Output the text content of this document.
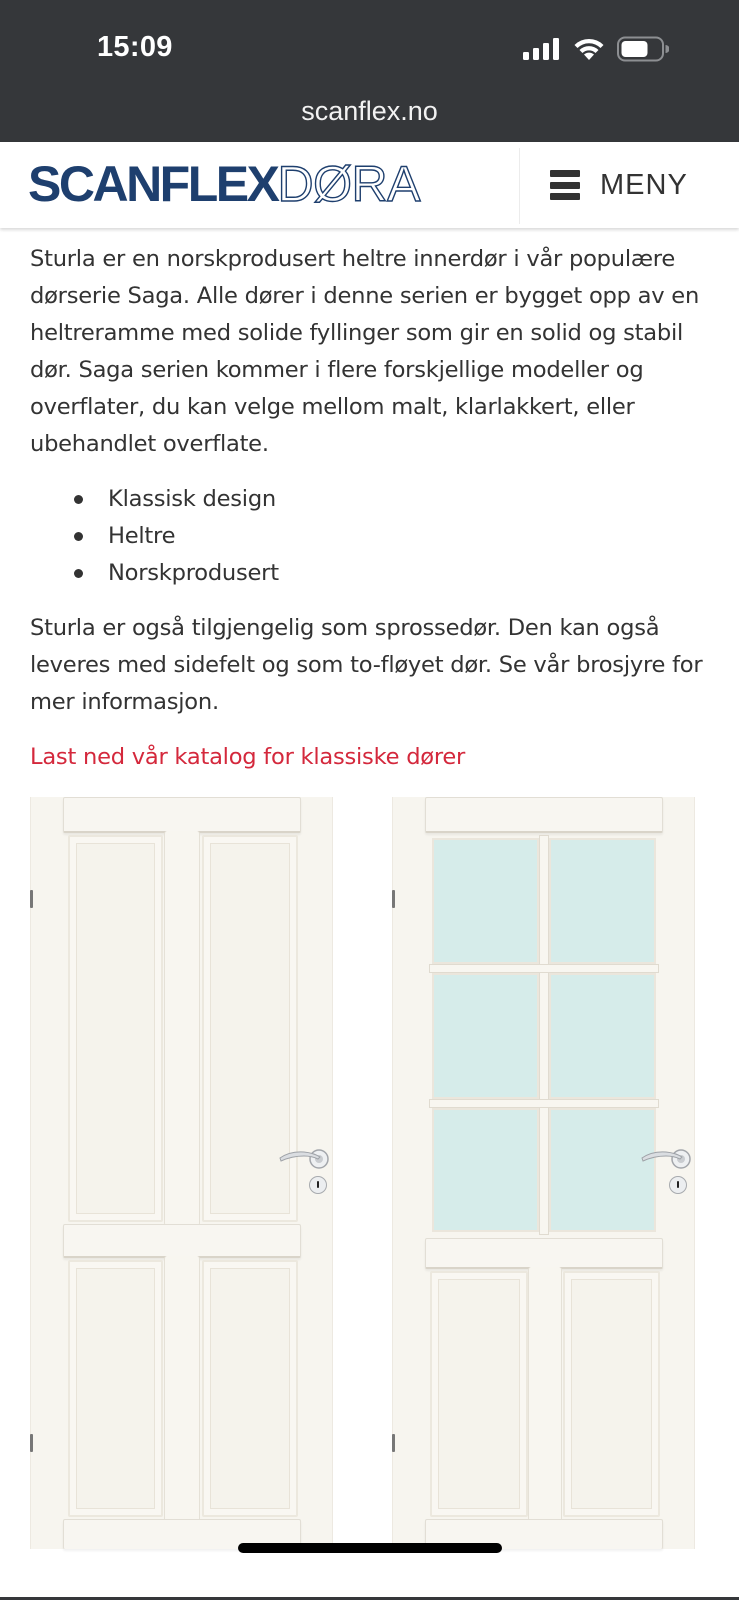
15:09
scanflex.no
SCANFLEX DØRA	MENY

Sturla er en norskprodusert heltre innerdør i vår populære dørserie Saga. Alle dører i denne serien er bygget opp av en heltreramme med solide fyllinger som gir en solid og stabil dør. Saga serien kommer i flere forskjellige modeller og overflater, du kan velge mellom malt, klarlakkert, eller ubehandlet overflate.

Klassisk design
Heltre
Norskprodusert

Sturla er også tilgjengelig som sprossedør. Den kan også leveres med sidefelt og som to-fløyet dør. Se vår brosjyre for mer informasjon.

Last ned vår katalog for klassiske dører
